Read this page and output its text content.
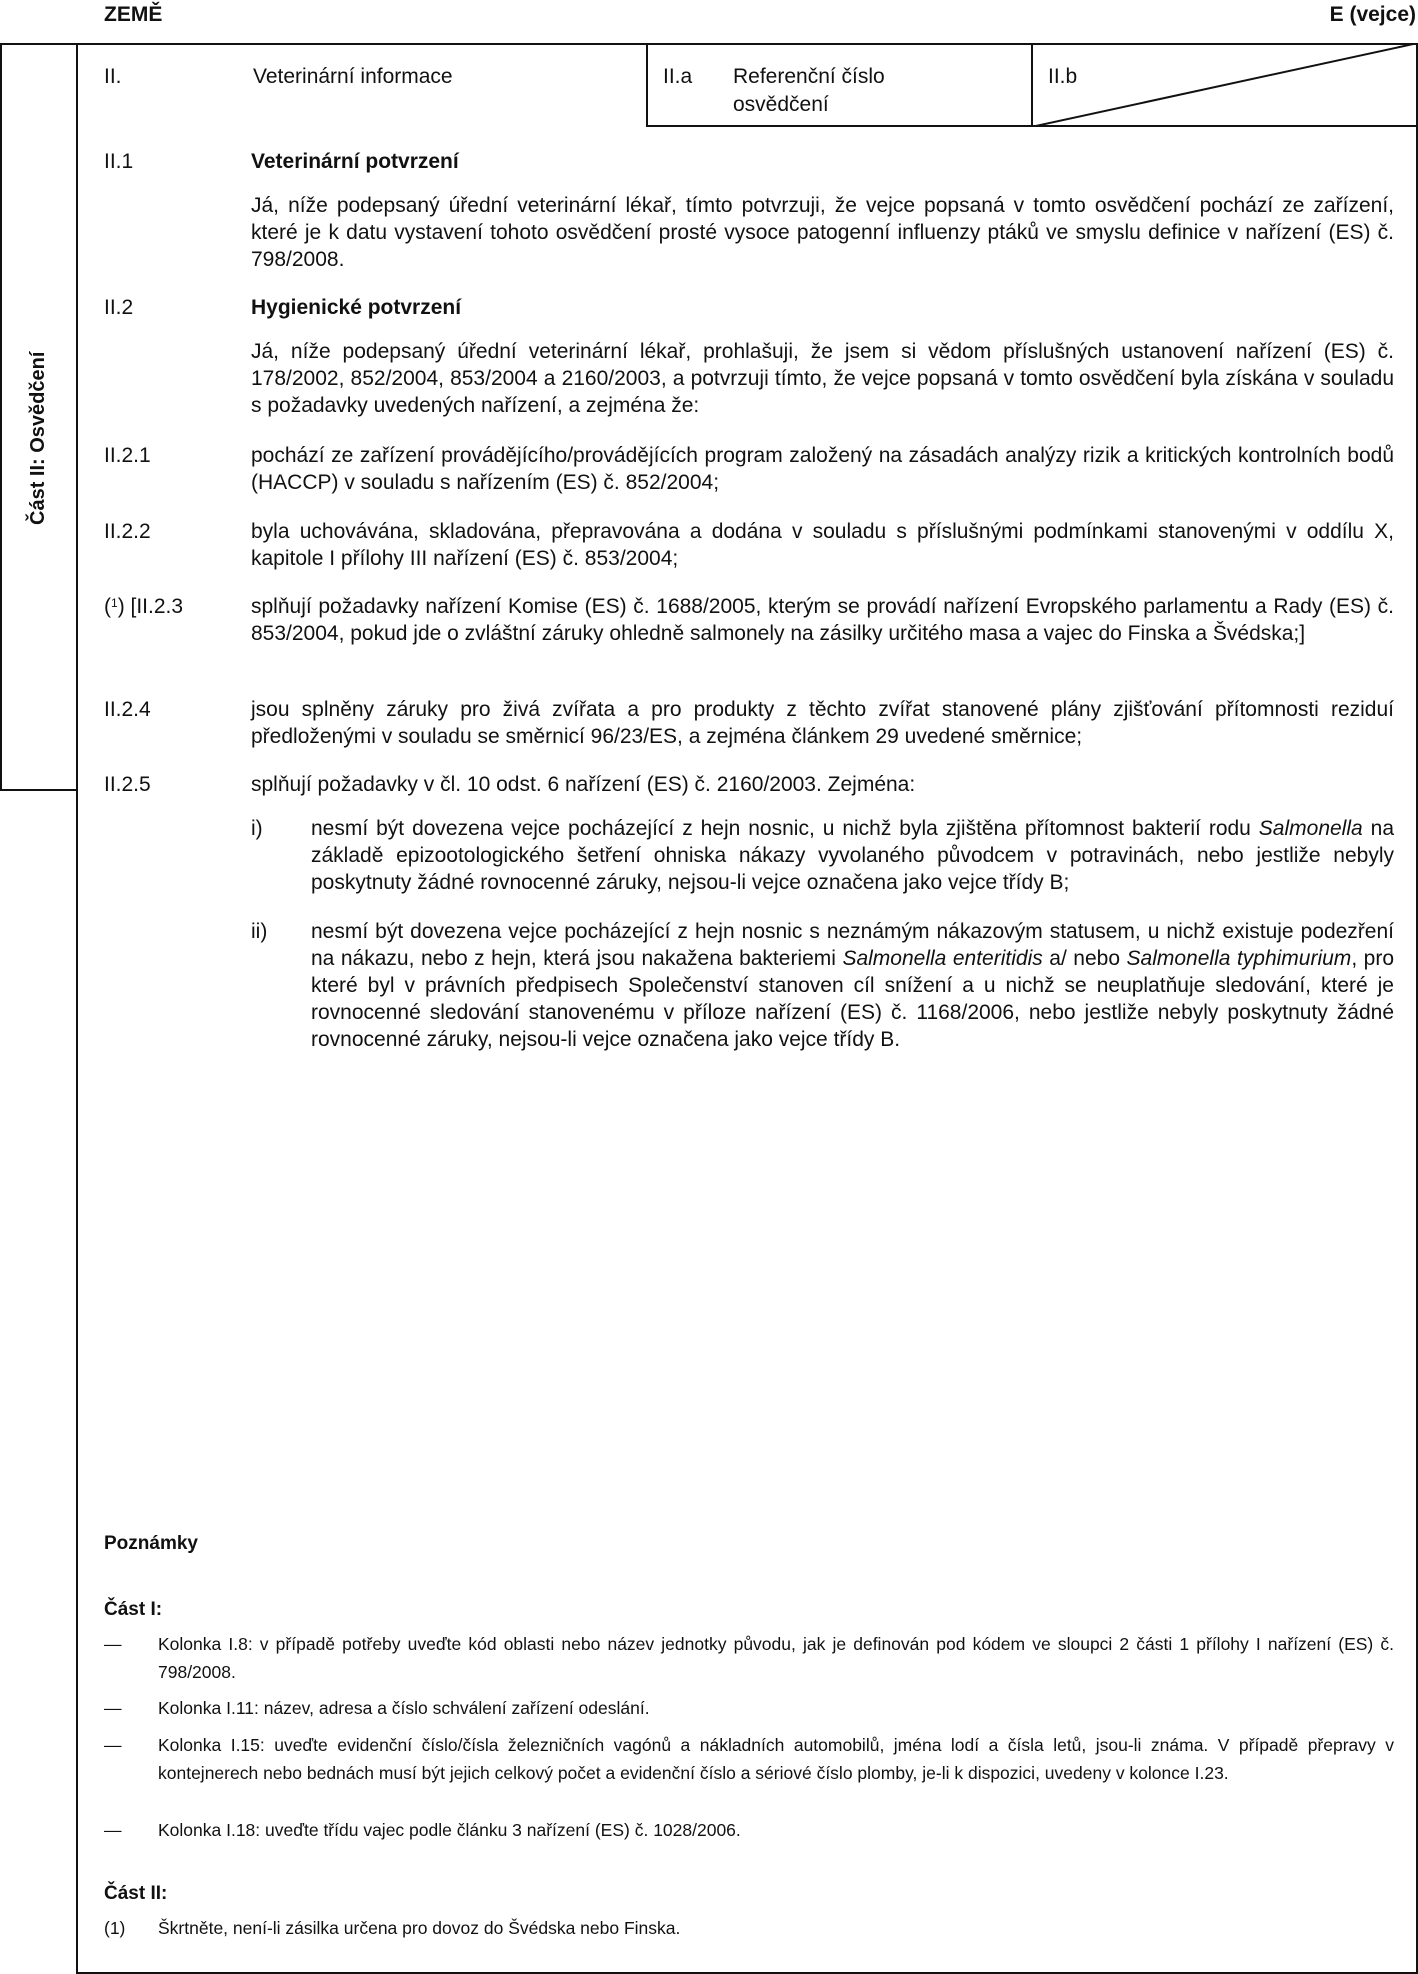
ZEMĚ	E (vejce)
Část II: Osvědčení
II.	Veterinární informace	II.a Referenční číslo
osvědčení
II.b
II.1	Veterinární potvrzení
Já, níže podepsaný úřední veterinární lékař, tímto potvrzuji, že vejce popsaná v tomto osvědčení pochází ze zařízení, které je k datu vystavení tohoto osvědčení prosté vysoce patogenní influenzy ptáků ve smyslu definice v nařízení (ES) č. 798/2008.
II.2	Hygienické potvrzení
Já, níže podepsaný úřední veterinární lékař, prohlašuji, že jsem si vědom příslušných ustanovení nařízení (ES) č. 178/2002, 852/2004, 853/2004 a 2160/2003, a potvrzuji tímto, že vejce popsaná v tomto osvědčení byla získána v souladu s požadavky uvedených nařízení, a zejména že:
II.2.1	pochází ze zařízení provádějícího/provádějících program založený na zásadách analýzy rizik a kritických kontrolních bodů (HACCP) v souladu s nařízením (ES) č. 852/2004;
II.2.2	byla uchovávána, skladována, přepravována a dodána v souladu s příslušnými podmínkami stanovenými v oddílu X, kapitole I přílohy III nařízení (ES) č. 853/2004;
($^1$) [II.2.3	splňují požadavky nařízení Komise (ES) č. 1688/2005, kterým se provádí nařízení Evropského parlamentu a Rady (ES) č. 853/2004, pokud jde o zvláštní záruky ohledně salmonely na zásilky určitého masa a vajec do Finska a Švédska;]
II.2.4	jsou splněny záruky pro živá zvířata a pro produkty z těchto zvířat stanovené plány zjišťování přítomnosti reziduí předloženými v souladu se směrnicí 96/23/ES, a zejména článkem 29 uvedené směrnice;
II.2.5	splňují požadavky v čl. 10 odst. 6 nařízení (ES) č. 2160/2003. Zejména:
i) nesmí být dovezena vejce pocházející z hejn nosnic, u nichž byla zjištěna přítomnost bakterií rodu Salmonella na základě epizootologického šetření ohniska nákazy vyvolaného původcem v potravinách, nebo jestliže nebyly poskytnuty žádné rovnocenné záruky, nejsou-li vejce označena jako vejce třídy B;
ii) nesmí být dovezena vejce pocházející z hejn nosnic s neznámým nákazovým statusem, u nichž existuje podezření na nákazu, nebo z hejn, která jsou nakažena bakteriemi Salmonella enteritidis a/ nebo Salmonella typhimurium, pro které byl v právních předpisech Společenství stanoven cíl snížení a u nichž se neuplatňuje sledování, které je rovnocenné sledování stanovenému v příloze nařízení (ES) č. 1168/2006, nebo jestliže nebyly poskytnuty žádné rovnocenné záruky, nejsou-li vejce označena jako vejce třídy B.
Poznámky
Část I:
— Kolonka I.8: v případě potřeby uveďte kód oblasti nebo název jednotky původu, jak je definován pod kódem ve sloupci 2 části 1 přílohy I nařízení (ES) č. 798/2008.
— Kolonka I.11: název, adresa a číslo schválení zařízení odeslání.
— Kolonka I.15: uveďte evidenční číslo/čísla železničních vagónů a nákladních automobilů, jména lodí a čísla letů, jsou-li známa. V případě přepravy v kontejnerech nebo bednách musí být jejich celkový počet a evidenční číslo a sériové číslo plomby, je-li k dispozici, uvedeny v kolonce I.23.
— Kolonka I.18: uveďte třídu vajec podle článku 3 nařízení (ES) č. 1028/2006.
Část II:
(1) Škrtněte, není-li zásilka určena pro dovoz do Švédska nebo Finska.
